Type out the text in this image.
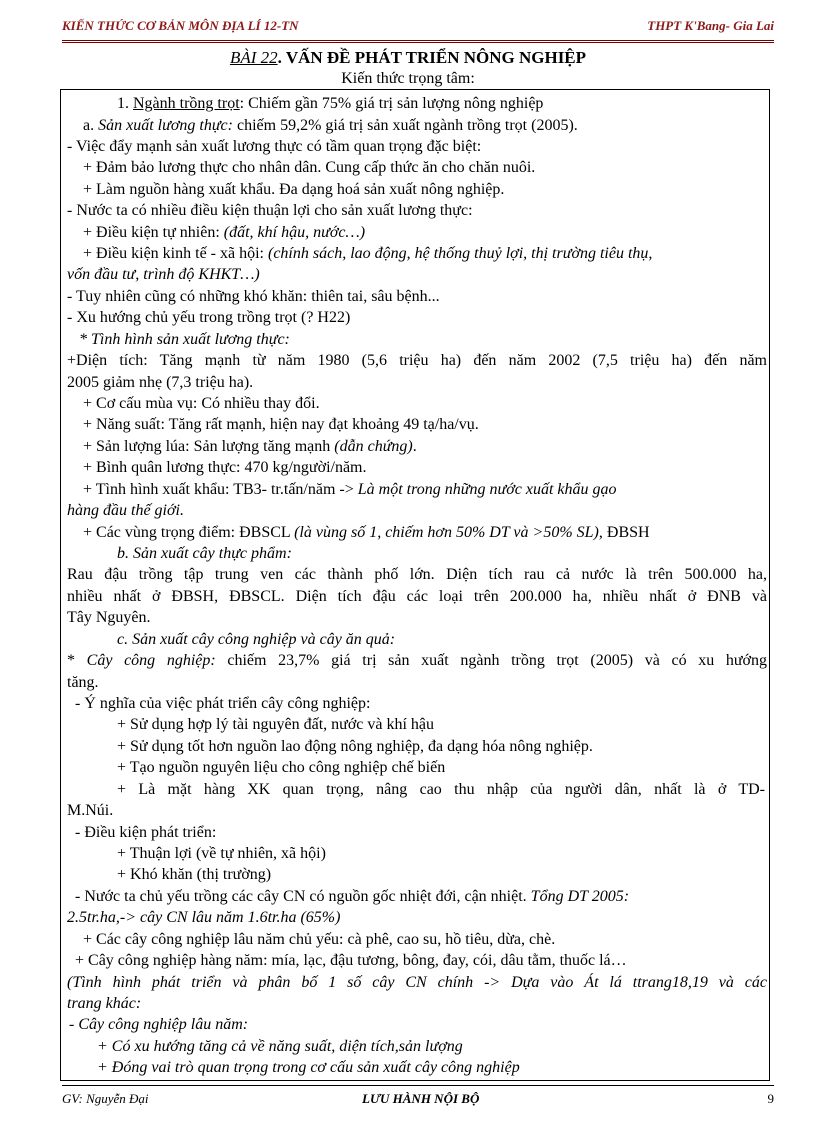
KIẾN THỨC CƠ BẢN MÔN ĐỊA LÍ 12-TN	THPT K'Bang- Gia Lai
BÀI 22. VẤN ĐỀ PHÁT TRIỂN NÔNG NGHIỆP
Kiến thức trọng tâm:
1. Ngành trồng trọt: Chiếm gần 75% giá trị sản lượng nông nghiệp
a. Sản xuất lương thực: chiếm 59,2% giá trị sản xuất ngành trồng trọt (2005).
- Việc đẩy mạnh sản xuất lương thực có tầm quan trọng đặc biệt:
+ Đảm bảo lương thực cho nhân dân. Cung cấp thức ăn cho chăn nuôi.
+ Làm nguồn hàng xuất khẩu. Đa dạng hoá sản xuất nông nghiệp.
- Nước ta có nhiều điều kiện thuận lợi cho sản xuất lương thực:
+ Điều kiện tự nhiên: (đất, khí hậu, nước…)
+ Điều kiện kinh tế - xã hội: (chính sách, lao động, hệ thống thuỷ lợi, thị trường tiêu thụ,
vốn đầu tư, trình độ KHKT…)
- Tuy nhiên cũng có những khó khăn: thiên tai, sâu bệnh...
- Xu hướng chủ yếu trong trồng trọt (? H22)
* Tình hình sản xuất lương thực:
+Diện tích: Tăng mạnh từ năm 1980 (5,6 triệu ha) đến năm 2002 (7,5 triệu ha) đến năm
2005 giảm nhẹ (7,3 triệu ha).
+ Cơ cấu mùa vụ: Có nhiều thay đổi.
+ Năng suất: Tăng rất mạnh, hiện nay đạt khoảng 49 tạ/ha/vụ.
+ Sản lượng lúa: Sản lượng tăng mạnh (dẫn chứng).
+ Bình quân lương thực: 470 kg/người/năm.
+ Tình hình xuất khẩu: TB3- tr.tấn/năm -> Là một trong những nước xuất khẩu gạo
hàng đầu thế giới.
+ Các vùng trọng điểm: ĐBSCL (là vùng số 1, chiếm hơn 50% DT và >50% SL), ĐBSH
b. Sản xuất cây thực phẩm:
Rau đậu trồng tập trung ven các thành phố lớn. Diện tích rau cả nước là trên 500.000 ha,
nhiều nhất ở ĐBSH, ĐBSCL. Diện tích đậu các loại trên 200.000 ha, nhiều nhất ở ĐNB và
Tây Nguyên.
c. Sản xuất cây công nghiệp và cây ăn quả:
* Cây công nghiệp: chiếm 23,7% giá trị sản xuất ngành trồng trọt (2005) và có xu hướng
tăng.
- Ý nghĩa của việc phát triển cây công nghiệp:
+ Sử dụng hợp lý tài nguyên đất, nước và khí hậu
+ Sử dụng tốt hơn nguồn lao động nông nghiệp, đa dạng hóa nông nghiệp.
+ Tạo nguồn nguyên liệu cho công nghiệp chế biến
+ Là mặt hàng XK quan trọng, nâng cao thu nhập của người dân, nhất là ở TD-
M.Núi.
- Điều kiện phát triển:
+ Thuận lợi (về tự nhiên, xã hội)
+ Khó khăn (thị trường)
- Nước ta chủ yếu trồng các cây CN có nguồn gốc nhiệt đới, cận nhiệt. Tổng DT 2005:
2.5tr.ha,-> cây CN lâu năm 1.6tr.ha (65%)
+ Các cây công nghiệp lâu năm chủ yếu: cà phê, cao su, hồ tiêu, dừa, chè.
+ Cây công nghiệp hàng năm: mía, lạc, đậu tương, bông, đay, cói, dâu tằm, thuốc lá…
(Tình hình phát triển và phân bố 1 số cây CN chính -> Dựa vào Át lá ttrang18,19 và các
trang khác:
- Cây công nghiệp lâu năm:
+ Có xu hướng tăng cả về năng suất, diện tích,sản lượng
+ Đóng vai trò quan trọng trong cơ cấu sản xuất cây công nghiệp
GV: Nguyễn Đại	LƯU HÀNH NỘI BỘ	9
